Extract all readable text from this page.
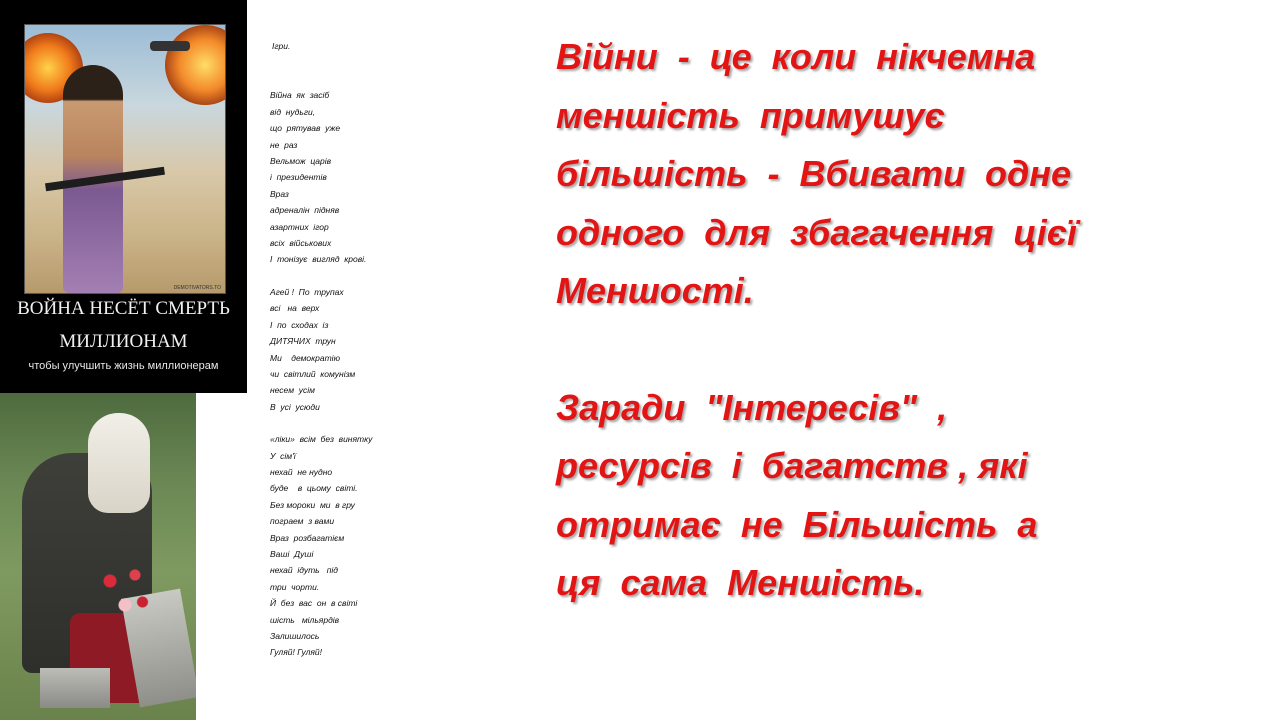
DEMOTIVATORS.TO
ВОЙНА НЕСЁТ СМЕРТЬ
МИЛЛИОНАМ
чтобы улучшить жизнь миллионерам
Ігри.
Війна  як  засіб
від  нудьги,
що  рятував  уже
не  раз
Вельмож  царів
і  президентів
Враз
адреналін  підняв
азартних  ігор
всіх  військових
І  тонізує  вигляд  крові.
Агей !  По  трупах
всі   на  верх
І  по  сходах  із
ДИТЯЧИХ  трун
Ми    демократію
чи  світлий  комунізм
несем  усім
В  усі  усюди
«ліки»  всім  без  винятку
У  сім'ї
нехай  не нудно
буде    в  цьому  світі.
Без мороки  ми  в гру
погрaем  з вами
Враз  розбагатієм
Ваші  Душі
нехай  ідуть   під
три  чорти.
Й  без  вас  он  в світі
шість   мільярдів
Залишилось
Гуляй! Гуляй!
Війни  -  це  коли  нікчемна
меншість  примушує
більшість  -  Вбивати  одне
одного  для  збагачення  цієї
Меншості.
Заради  "Інтересів"  ,
ресурсів  і  багатств , які
отримає  не  Більшість  а
ця  сама  Меншість.
